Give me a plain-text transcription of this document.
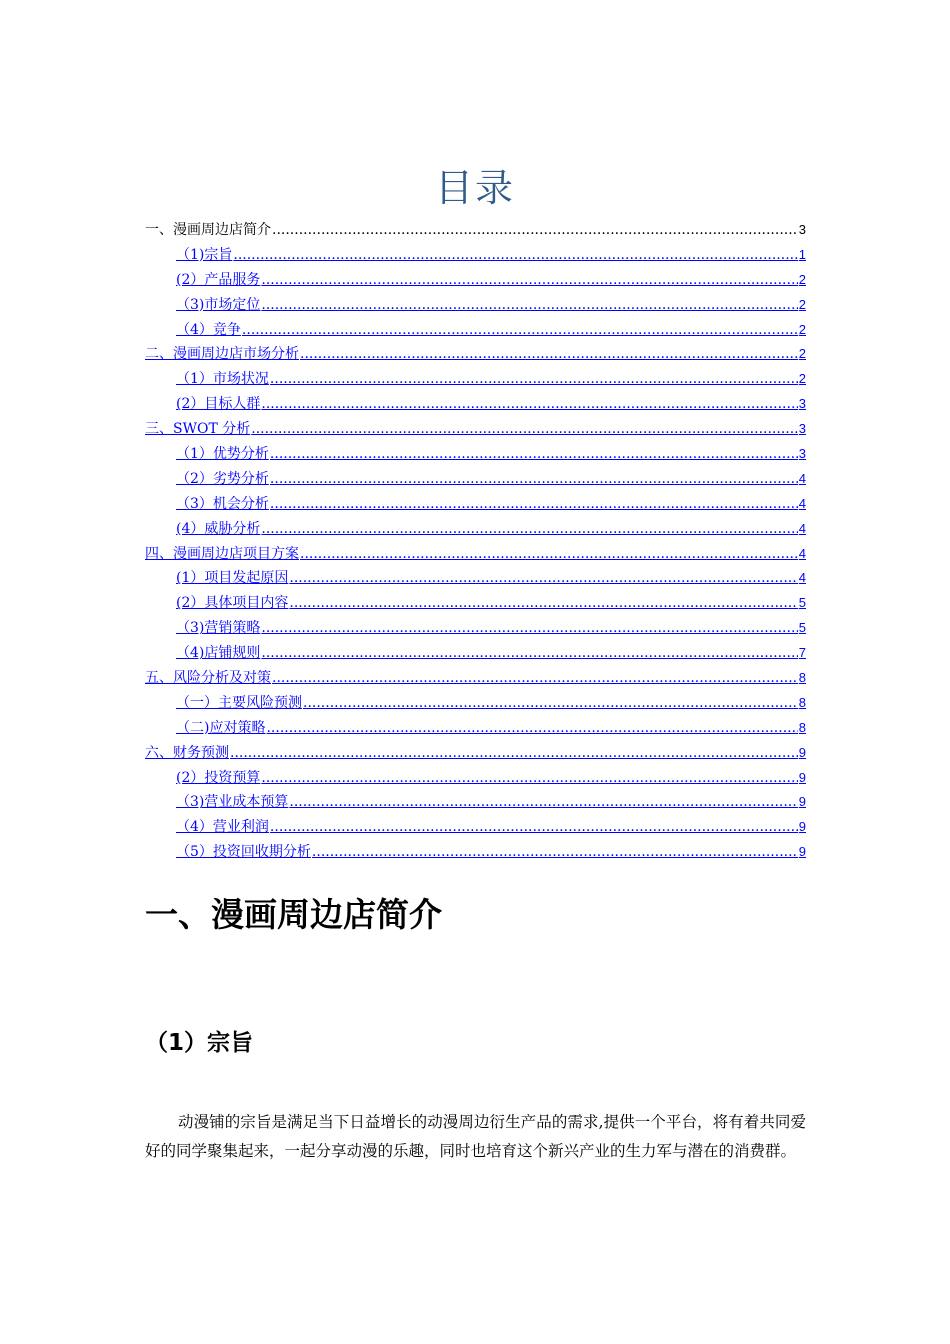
目录
一、漫画周边店简介 .....	3
（1)宗旨 .....	1
(2）产品服务 .....	2
（3)市场定位 .....	2
（4）竞争 .....	2
二、漫画周边店市场分析 .....	2
（1）市场状况 .....	2
(2）目标人群 .....	3
三、SWOT 分析 .....	3
（1）优势分析 .....	3
（2）劣势分析 .....	4
（3）机会分析 .....	4
(4）威胁分析 .....	4
四、漫画周边店项目方案 .....	4
(1）项目发起原因 .....	4
(2）具体项目内容 .....	5
（3)营销策略 .....	5
（4)店铺规则 .....	7
五、风险分析及对策 .....	8
（一）主要风险预测 .....	8
（二)应对策略 .....	8
六、财务预测 .....	9
(2）投资预算 .....	9
（3)营业成本预算 .....	9
（4）营业利润 .....	9
（5）投资回收期分析 .....	9
一、漫画周边店简介
（1）宗旨
动漫铺的宗旨是满足当下日益增长的动漫周边衍生产品的需求,提供一个平台，将有着共同爱好的同学聚集起来，一起分享动漫的乐趣，同时也培育这个新兴产业的生力军与潜在的消费群。
